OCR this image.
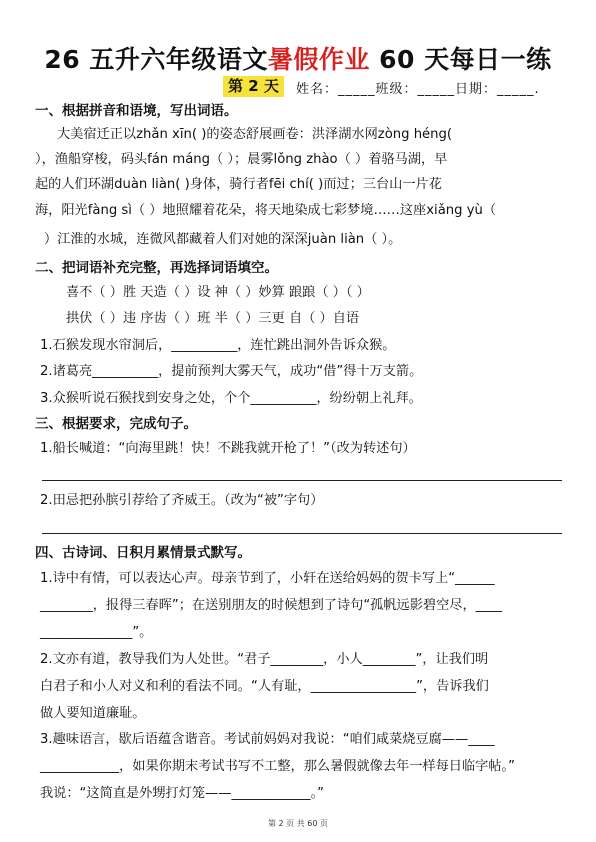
26 五升六年级语文暑假作业 60 天每日一练
第 2 天	姓名：_____班级：_____日期：_____.
一、根据拼音和语境，写出词语。
大美宿迁正以zhǎn xīn( )的姿态舒展画卷：洪泽湖水网zòng héng(
），渔船穿梭，码头fán máng（ ）；晨雾lǒng zhào（ ）着骆马湖，早
起的人们环湖duàn liàn( )身体，骑行者fēi chí( )而过；三台山一片花
海，阳光fàng sì（ ）地照耀着花朵，将天地染成七彩梦境……这座xiǎng yù（
）江淮的水城，连微风都藏着人们对她的深深juàn liàn（ ）。
二、把词语补充完整，再选择词语填空。
喜不（ ）胜 天造（ ）设 神（ ）妙算 踉踉（ ）（ ）
拱伏（ ）违 序齿（ ）班 半（ ）三更 自（ ）自语
1.石猴发现水帘洞后，__________，连忙跳出洞外告诉众猴。
2.诸葛亮__________，提前预判大雾天气，成功“借”得十万支箭。
3.众猴听说石猴找到安身之处，个个__________，纷纷朝上礼拜。
三、根据要求，完成句子。
1.船长喊道：“向海里跳！快！不跳我就开枪了！”（改为转述句）
2.田忌把孙膑引荐给了齐威王。（改为“被”字句）
四、古诗词、日积月累情景式默写。
1.诗中有情，可以表达心声。母亲节到了，小轩在送给妈妈的贺卡写上“______
________，报得三春晖”；在送别朋友的时候想到了诗句“孤帆远影碧空尽，____
______________”。
2.文亦有道，教导我们为人处世。“君子________，小人________”，让我们明
白君子和小人对义和利的看法不同。“人有耻，________________”，告诉我们
做人要知道廉耻。
3.趣味语言，歇后语蕴含谐音。考试前妈妈对我说：“咱们咸菜烧豆腐——____
____________，如果你期末考试书写不工整，那么暑假就像去年一样每日临字帖。”
我说：“这简直是外甥打灯笼——____________。”
第 2 页 共 60 页
